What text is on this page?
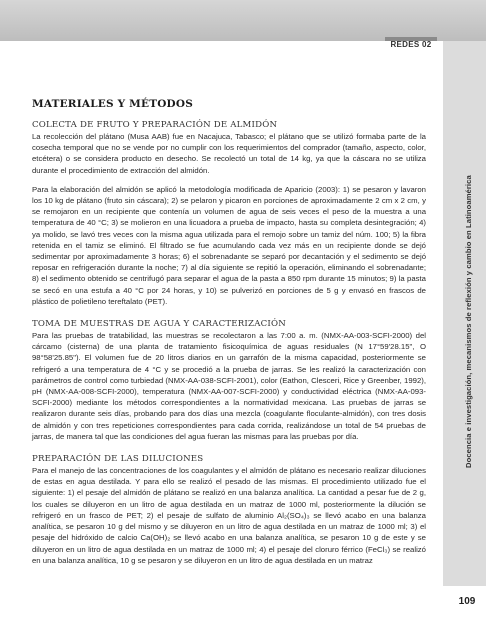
REDES 02
Docencia e investigación, mecanismos de reflexión y cambio en Latinoamérica
MATERIALES Y MÉTODOS
COLECTA DE FRUTO Y PREPARACIÓN DE ALMIDÓN

La recolección del plátano (Musa AAB) fue en Nacajuca, Tabasco; el plátano que se utilizó formaba parte de la cosecha temporal que no se vende por no cumplir con los requerimientos del comprador (tamaño, aspecto, color, etcétera) o se considera producto en desecho. Se recolectó un total de 14 kg, ya que la cáscara no se utiliza durante el procedimiento de extracción del almidón.

Para la elaboración del almidón se aplicó la metodología modificada de Aparicio (2003): 1) se pesaron y lavaron los 10 kg de plátano (fruto sin cáscara); 2) se pelaron y picaron en porciones de aproximadamente 2 cm x 2 cm, y se remojaron en un recipiente que contenía un volumen de agua de seis veces el peso de la muestra a una temperatura de 40 °C; 3) se molieron en una licuadora a prueba de impacto, hasta su completa desintegración; 4) ya molido, se lavó tres veces con la misma agua utilizada para el remojo sobre un tamiz del núm. 100; 5) la fibra retenida en el tamiz se eliminó. El filtrado se fue acumulando cada vez más en un recipiente donde se dejó sedimentar por aproximadamente 3 horas; 6) el sobrenadante se separó por decantación y el sedimento se dejó reposar en refrigeración durante la noche; 7) al día siguiente se repitió la operación, eliminando el sobrenadante; 8) el sedimento obtenido se centrifugó para separar el agua de la pasta a 850 rpm durante 15 minutos; 9) la pasta se secó en una estufa a 40 °C por 24 horas, y 10) se pulverizó en porciones de 5 g y envasó en frascos de plástico de polietileno tereftalato (PET).

TOMA DE MUESTRAS DE AGUA Y CARACTERIZACIÓN

Para las pruebas de tratabilidad, las muestras se recolectaron a las 7:00 a. m. (NMX-AA-003-SCFI-2000) del cárcamo (cisterna) de una planta de tratamiento fisicoquímica de aguas residuales (N 17°59'28.15", O 98°58'25.85"). El volumen fue de 20 litros diarios en un garrafón de la misma capacidad, posteriormente se refrigeró a una temperatura de 4 °C y se procedió a la prueba de jarras. Se les realizó la caracterización con parámetros de control como turbiedad (NMX-AA-038-SCFI-2001), color (Eathon, Clesceri, Rice y Greenber, 1992), pH (NMX-AA-008-SCFI-2000), temperatura (NMX-AA-007-SCFI-2000) y conductividad eléctrica (NMX-AA-093-SCFI-2000) mediante los métodos correspondientes a la normatividad mexicana. Las pruebas de jarras se realizaron durante seis días, probando para dos días una mezcla (coagulante floculante-almidón), con tres dosis de almidón y con tres repeticiones correspondientes para cada corrida, realizándose un total de 54 pruebas de jarras, de manera tal que las condiciones del agua fueran las mismas para las pruebas por día.

PREPARACIÓN DE LAS DILUCIONES

Para el manejo de las concentraciones de los coagulantes y el almidón de plátano es necesario realizar diluciones de estas en agua destilada. Y para ello se realizó el pesado de las mismas. El procedimiento utilizado fue el siguiente: 1) el pesaje del almidón de plátano se realizó en una balanza analítica. La cantidad a pesar fue de 2 g, los cuales se diluyeron en un litro de agua destilada en un matraz de 1000 ml, posteriormente la dilución se refrigeró en un frasco de PET; 2) el pesaje de sulfato de aluminio Al₂(SO₄)₃ se llevó acabo en una balanza analítica, se pesaron 10 g del mismo y se diluyeron en un litro de agua destilada en un matraz de 1000 ml; 3) el pesaje del hidróxido de calcio Ca(OH)₂ se llevó acabo en una balanza analítica, se pesaron 10 g de este y se diluyeron en un litro de agua destilada en un matraz de 1000 ml; 4) el pesaje del cloruro férrico (FeCl₃) se realizó en una balanza analítica, 10 g se pesaron y se diluyeron en un litro de agua destilada en un matraz

109
